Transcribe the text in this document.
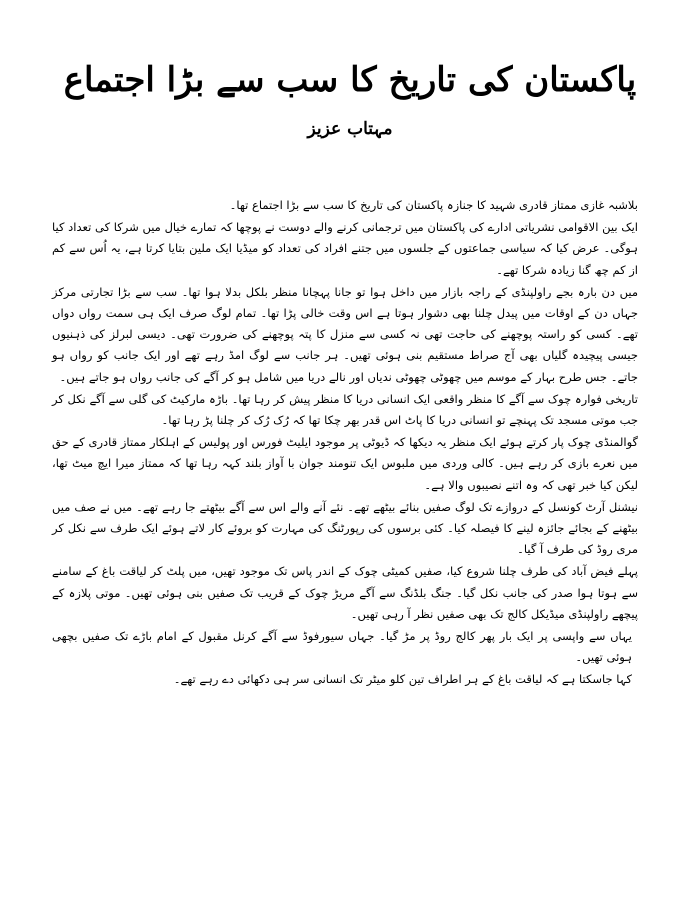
پاکستان کی تاریخ کا سب سے بڑا اجتماع
مہتاب عزیز

بلاشبہ غازی ممتاز قادری شہید کا جنازہ پاکستان کی تاریخ کا سب سے بڑا اجتماع تھا۔

ایک بین الاقوامی نشریاتی ادارے کی پاکستان میں ترجمانی کرنے والے دوست نے پوچھا کہ تمارے خیال میں شرکا کی تعداد کیا ہوگی۔ عرض کیا کہ سیاسی جماعتوں کے جلسوں میں جتنے افراد کی تعداد کو میڈیا ایک ملین بتایا کرتا ہے، یہ اُس سے کم از کم چھ گنا زیادہ شرکا تھے۔

میں دن بارہ بجے راولپنڈی کے راجہ بازار میں داخل ہوا تو جانا پہچانا منظر بلکل بدلا ہوا تھا۔ سب سے بڑا تجارتی مرکز جہاں دن کے اوقات میں پیدل چلنا بھی دشوار ہوتا ہے اس وقت خالی پڑا تھا۔ تمام لوگ صرف ایک ہی سمت رواں دواں تھے۔ کسی کو راستہ پوچھنے کی حاجت تھی نہ کسی سے منزل کا پتہ پوچھنے کی ضرورت تھی۔ دیسی لبرلز کی ذہنیوں جیسی پیچیدہ گلیاں بھی آج صراط مستقیم بنی ہوئی تھیں۔ ہر جانب سے لوگ امڈ رہے تھے اور ایک جانب کو رواں ہو جاتے۔ جس طرح بہار کے موسم میں چھوٹی چھوٹی ندیاں اور نالے دریا میں شامل ہو کر آگے کی جانب رواں ہو جاتے ہیں۔

تاریخی فوارہ چوک سے آگے کا منظر واقعی ایک انسانی دریا کا منظر پیش کر رہا تھا۔ باڑہ مارکیٹ کی گلی سے آگے نکل کر جب موتی مسجد تک پہنچے تو انسانی دریا کا پاٹ اس قدر بھر چکا تھا کہ رُک رُک کر چلنا پڑ رہا تھا۔

گوالمنڈی چوک پار کرتے ہوئے ایک منظر یہ دیکھا کہ ڈیوٹی پر موجود ایلیٹ فورس اور پولیس کے اہلکار ممتاز قادری کے حق میں نعرے بازی کر رہے ہیں۔ کالی وردی میں ملبوس ایک تنومند جوان با آواز بلند کہہ رہا تھا کہ ممتاز میرا ایچ میٹ تھا، لیکن کیا خبر تھی کہ وہ اتنے نصیبوں والا ہے۔

نیشنل آرٹ کونسل کے دروازے تک لوگ صفیں بنائے بیٹھے تھے۔ نئے آنے والے اس سے آگے بیٹھتے جا رہے تھے۔ میں نے صف میں بیٹھنے کے بجائے جائزہ لینے کا فیصلہ کیا۔ کئی برسوں کی رپورٹنگ کی مہارت کو بروئے کار لاتے ہوئے ایک طرف سے نکل کر مری روڈ کی طرف آ گیا۔

پہلے فیض آباد کی طرف چلنا شروع کیا، صفیں کمیٹی چوک کے اندر پاس تک موجود تھیں، میں پلٹ کر لیاقت باغ کے سامنے سے ہوتا ہوا صدر کی جانب نکل گیا۔ جنگ بلڈنگ سے آگے مریڑ چوک کے قریب تک صفیں بنی ہوئی تھیں۔ موتی پلازہ کے پیچھے راولپنڈی میڈیکل کالج تک بھی صفیں نظر آ رہی تھیں۔

یہاں سے واپسی پر ایک بار پھر کالج روڈ پر مڑ گیا۔ جہاں سیورفوڈ سے آگے کرنل مقبول کے امام باڑے تک صفیں بچھی ہوئی تھیں۔

کہا جاسکتا ہے کہ لیاقت باغ کے ہر اطراف تین کلو میٹر تک انسانی سر ہی دکھائی دے رہے تھے۔
